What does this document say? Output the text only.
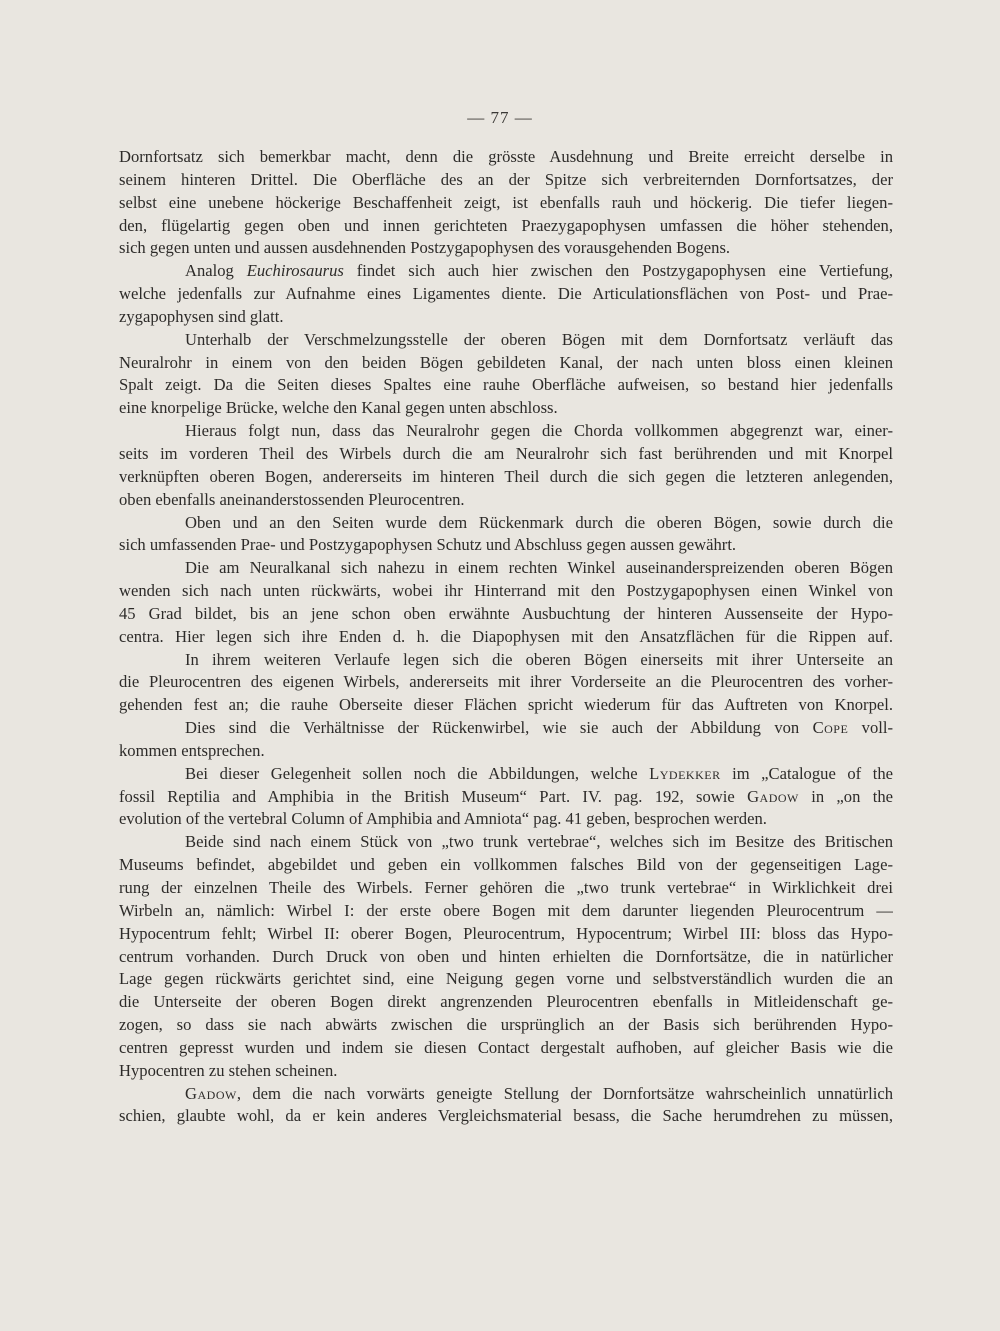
— 77 —
Dornfortsatz sich bemerkbar macht, denn die grösste Ausdehnung und Breite erreicht derselbe in
seinem hinteren Drittel. Die Oberfläche des an der Spitze sich verbreiternden Dornfortsatzes, der
selbst eine unebene höckerige Beschaffenheit zeigt, ist ebenfalls rauh und höckerig. Die tiefer liegen-
den, flügelartig gegen oben und innen gerichteten Praezygapophysen umfassen die höher stehenden,
sich gegen unten und aussen ausdehnenden Postzygapophysen des vorausgehenden Bogens.
Analog Euchirosaurus findet sich auch hier zwischen den Postzygapophysen eine Vertiefung,
welche jedenfalls zur Aufnahme eines Ligamentes diente. Die Articulationsflächen von Post- und Prae-
zygapophysen sind glatt.
Unterhalb der Verschmelzungsstelle der oberen Bögen mit dem Dornfortsatz verläuft das
Neuralrohr in einem von den beiden Bögen gebildeten Kanal, der nach unten bloss einen kleinen
Spalt zeigt. Da die Seiten dieses Spaltes eine rauhe Oberfläche aufweisen, so bestand hier jedenfalls
eine knorpelige Brücke, welche den Kanal gegen unten abschloss.
Hieraus folgt nun, dass das Neuralrohr gegen die Chorda vollkommen abgegrenzt war, einer-
seits im vorderen Theil des Wirbels durch die am Neuralrohr sich fast berührenden und mit Knorpel
verknüpften oberen Bogen, andererseits im hinteren Theil durch die sich gegen die letzteren anlegenden,
oben ebenfalls aneinanderstossenden Pleurocentren.
Oben und an den Seiten wurde dem Rückenmark durch die oberen Bögen, sowie durch die
sich umfassenden Prae- und Postzygapophysen Schutz und Abschluss gegen aussen gewährt.
Die am Neuralkanal sich nahezu in einem rechten Winkel auseinanderspreizenden oberen Bögen
wenden sich nach unten rückwärts, wobei ihr Hinterrand mit den Postzygapophysen einen Winkel von
45 Grad bildet, bis an jene schon oben erwähnte Ausbuchtung der hinteren Aussenseite der Hypo-
centra. Hier legen sich ihre Enden d. h. die Diapophysen mit den Ansatzflächen für die Rippen auf.
In ihrem weiteren Verlaufe legen sich die oberen Bögen einerseits mit ihrer Unterseite an
die Pleurocentren des eigenen Wirbels, andererseits mit ihrer Vorderseite an die Pleurocentren des vorher-
gehenden fest an; die rauhe Oberseite dieser Flächen spricht wiederum für das Auftreten von Knorpel.
Dies sind die Verhältnisse der Rückenwirbel, wie sie auch der Abbildung von Cope voll-
kommen entsprechen.
Bei dieser Gelegenheit sollen noch die Abbildungen, welche Lydekker im „Catalogue of the
fossil Reptilia and Amphibia in the British Museum“ Part. IV. pag. 192, sowie Gadow in „on the
evolution of the vertebral Column of Amphibia and Amniota“ pag. 41 geben, besprochen werden.
Beide sind nach einem Stück von „two trunk vertebrae“, welches sich im Besitze des Britischen
Museums befindet, abgebildet und geben ein vollkommen falsches Bild von der gegenseitigen Lage-
rung der einzelnen Theile des Wirbels. Ferner gehören die „two trunk vertebrae“ in Wirklichkeit drei
Wirbeln an, nämlich: Wirbel I: der erste obere Bogen mit dem darunter liegenden Pleurocentrum —
Hypocentrum fehlt; Wirbel II: oberer Bogen, Pleurocentrum, Hypocentrum; Wirbel III: bloss das Hypo-
centrum vorhanden. Durch Druck von oben und hinten erhielten die Dornfortsätze, die in natürlicher
Lage gegen rückwärts gerichtet sind, eine Neigung gegen vorne und selbstverständlich wurden die an
die Unterseite der oberen Bogen direkt angrenzenden Pleurocentren ebenfalls in Mitleidenschaft ge-
zogen, so dass sie nach abwärts zwischen die ursprünglich an der Basis sich berührenden Hypo-
centren gepresst wurden und indem sie diesen Contact dergestalt aufhoben, auf gleicher Basis wie die
Hypocentren zu stehen scheinen.
Gadow, dem die nach vorwärts geneigte Stellung der Dornfortsätze wahrscheinlich unnatürlich
schien, glaubte wohl, da er kein anderes Vergleichsmaterial besass, die Sache herumdrehen zu müssen,
